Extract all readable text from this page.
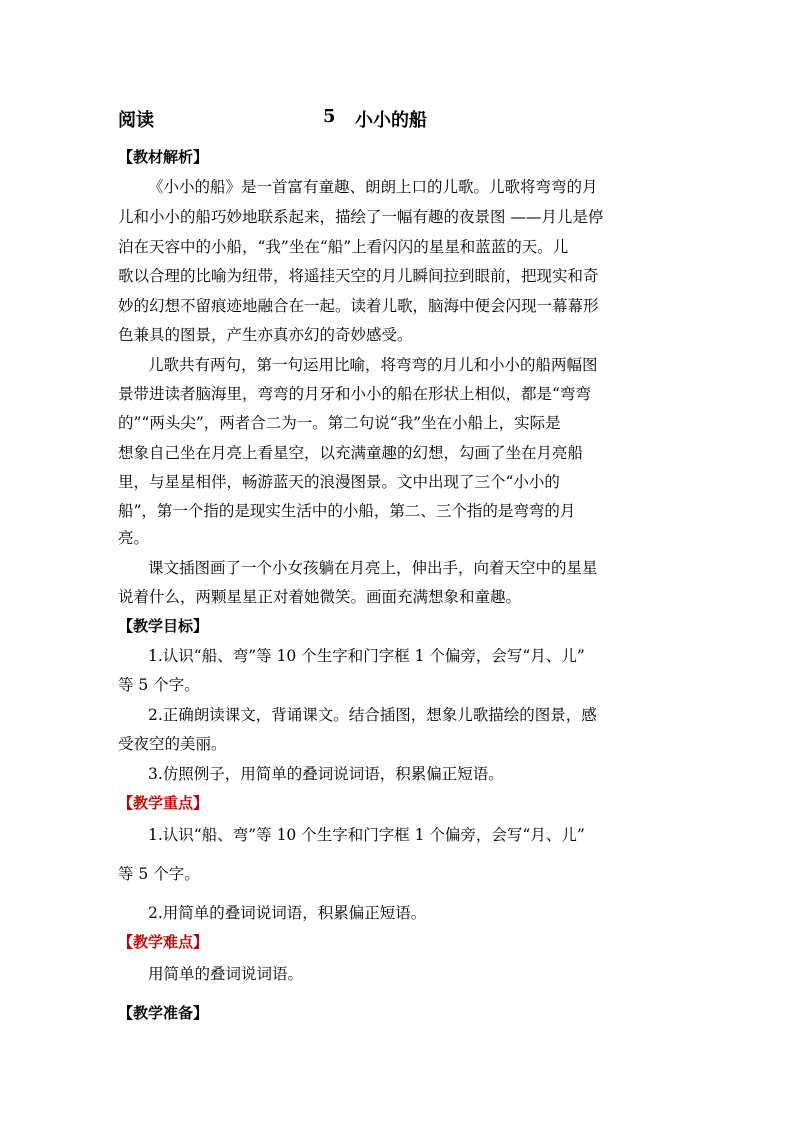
阅读	5 小小的船
【教材解析】
《小小的船》是一首富有童趣、朗朗上口的儿歌。儿歌将弯弯的月
儿和小小的船巧妙地联系起来，描绘了一幅有趣的夜景图 ——月儿是停
泊在天容中的小船，“我”坐在“船”上看闪闪的星星和蓝蓝的天。儿
歌以合理的比喻为纽带，将遥挂天空的月儿瞬间拉到眼前，把现实和奇
妙的幻想不留痕迹地融合在一起。读着儿歌，脑海中便会闪现一幕幕形
色兼具的图景，产生亦真亦幻的奇妙感受。
儿歌共有两句，第一句运用比喻，将弯弯的月儿和小小的船两幅图
景带进读者脑海里，弯弯的月牙和小小的船在形状上相似，都是“弯弯
的”“两头尖”，两者合二为一。第二句说“我”坐在小船上，实际是
想象自己坐在月亮上看星空，以充满童趣的幻想，勾画了坐在月亮船
里，与星星相伴，畅游蓝天的浪漫图景。文中出现了三个“小小的
船”，第一个指的是现实生活中的小船，第二、三个指的是弯弯的月
亮。
课文插图画了一个小女孩躺在月亮上，伸出手，向着天空中的星星
说着什么，两颗星星正对着她微笑。画面充满想象和童趣。
【教学目标】
1.认识“船、弯”等 10 个生字和门字框 1 个偏旁，会写“月、儿”
等 5 个字。
2.正确朗读课文，背诵课文。结合插图，想象儿歌描绘的图景，感
受夜空的美丽。
3.仿照例子，用简单的叠词说词语，积累偏正短语。
【教学重点】
1.认识“船、弯”等 10 个生字和门字框 1 个偏旁，会写“月、儿”
等 5 个字。
2.用简单的叠词说词语，积累偏正短语。
【教学难点】
用简单的叠词说词语。
【教学准备】
